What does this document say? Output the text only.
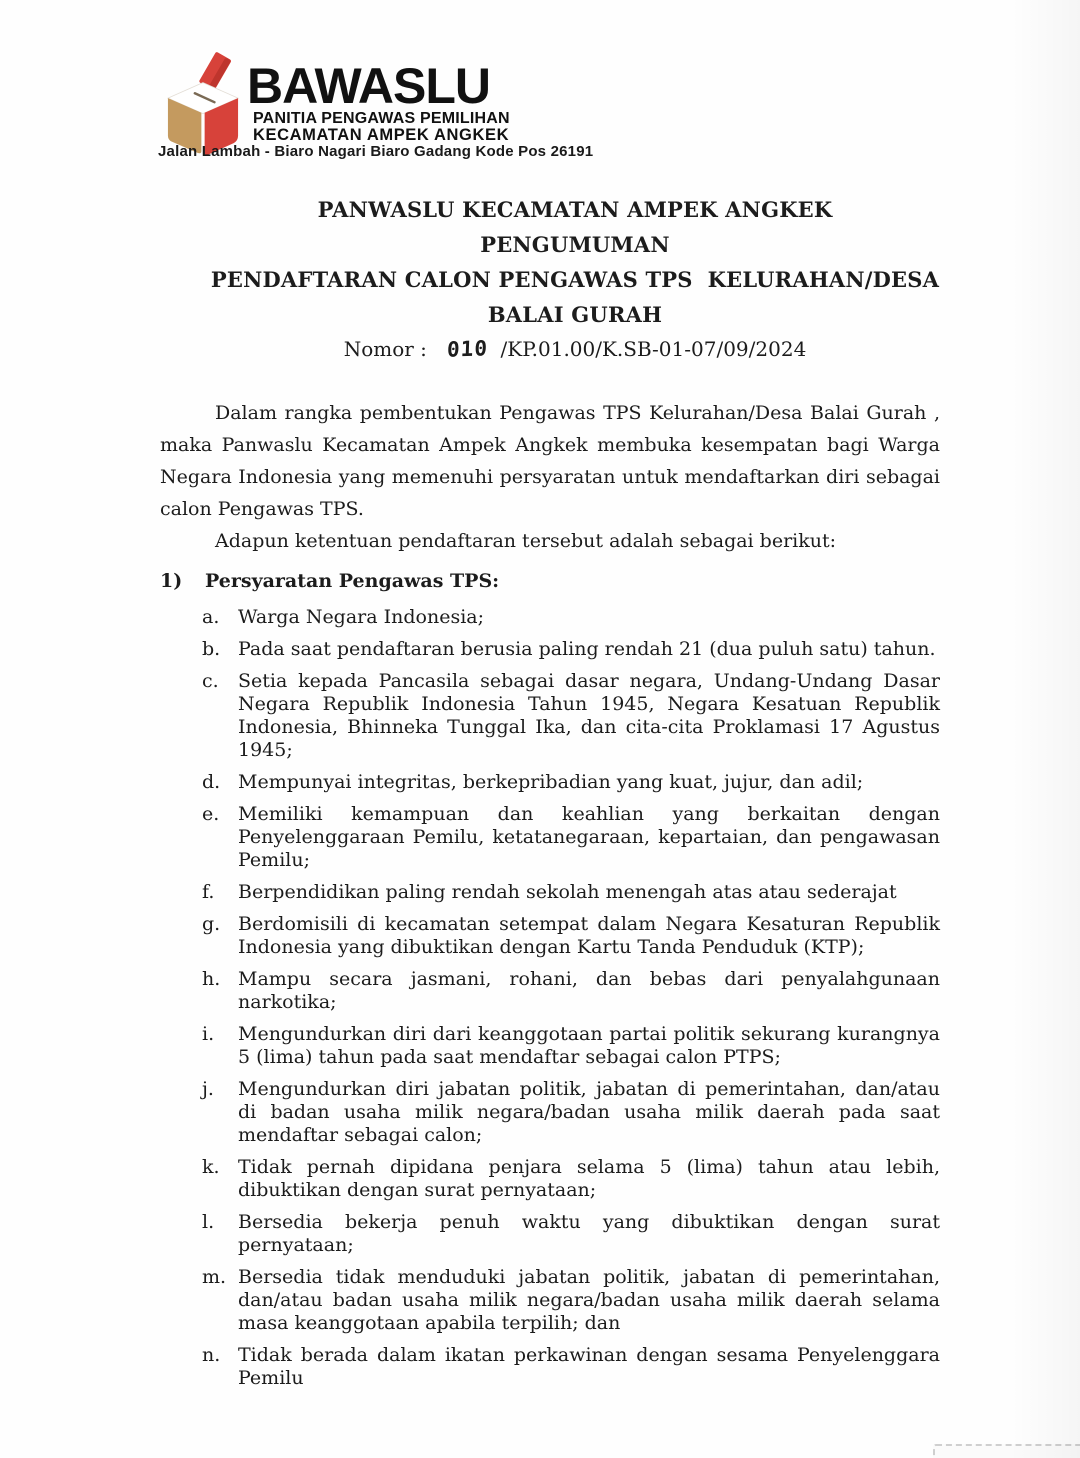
BAWASLU
PANITIA PENGAWAS PEMILIHAN
KECAMATAN AMPEK ANGKEK
Jalan Lambah - Biaro Nagari Biaro Gadang Kode Pos 26191
PANWASLU KECAMATAN AMPEK ANGKEK
PENGUMUMAN
PENDAFTARAN CALON PENGAWAS TPS  KELURAHAN/DESA
BALAI GURAH
Nomor : 010 /KP.01.00/K.SB-01-07/09/2024

Dalam rangka pembentukan Pengawas TPS Kelurahan/Desa Balai Gurah , maka Panwaslu Kecamatan Ampek Angkek membuka kesempatan bagi Warga Negara Indonesia yang memenuhi persyaratan untuk mendaftarkan diri sebagai calon Pengawas TPS.

Adapun ketentuan pendaftaran tersebut adalah sebagai berikut:

1)	Persyaratan Pengawas TPS:
a. Warga Negara Indonesia;
b. Pada saat pendaftaran berusia paling rendah 21 (dua puluh satu) tahun.
c.	Setia kepada Pancasila sebagai dasar negara, Undang-Undang Dasar Negara Republik Indonesia Tahun 1945, Negara Kesatuan Republik Indonesia, Bhinneka Tunggal Ika, dan cita-cita Proklamasi 17 Agustus 1945;
d. Mempunyai integritas, berkepribadian yang kuat, jujur, dan adil;
e. Memiliki kemampuan dan keahlian yang berkaitan dengan Penyelenggaraan Pemilu, ketatanegaraan, kepartaian, dan pengawasan Pemilu;
f.	Berpendidikan paling rendah sekolah menengah atas atau sederajat
g. Berdomisili di kecamatan setempat dalam Negara Kesaturan Republik Indonesia yang dibuktikan dengan Kartu Tanda Penduduk (KTP);
h. Mampu secara jasmani, rohani, dan bebas dari penyalahgunaan narkotika;
i.	Mengundurkan diri dari keanggotaan partai politik sekurang kurangnya 5 (lima) tahun pada saat mendaftar sebagai calon PTPS;
j.	Mengundurkan diri jabatan politik, jabatan di pemerintahan, dan/atau di badan usaha milik negara/badan usaha milik daerah pada saat mendaftar sebagai calon;
k. Tidak pernah dipidana penjara selama 5 (lima) tahun atau lebih, dibuktikan dengan surat pernyataan;
l.	Bersedia bekerja penuh waktu yang dibuktikan dengan surat pernyataan;
m. Bersedia tidak menduduki jabatan politik, jabatan di pemerintahan, dan/atau badan usaha milik negara/badan usaha milik daerah selama masa keanggotaan apabila terpilih; dan
n. Tidak berada dalam ikatan perkawinan dengan sesama Penyelenggara Pemilu
